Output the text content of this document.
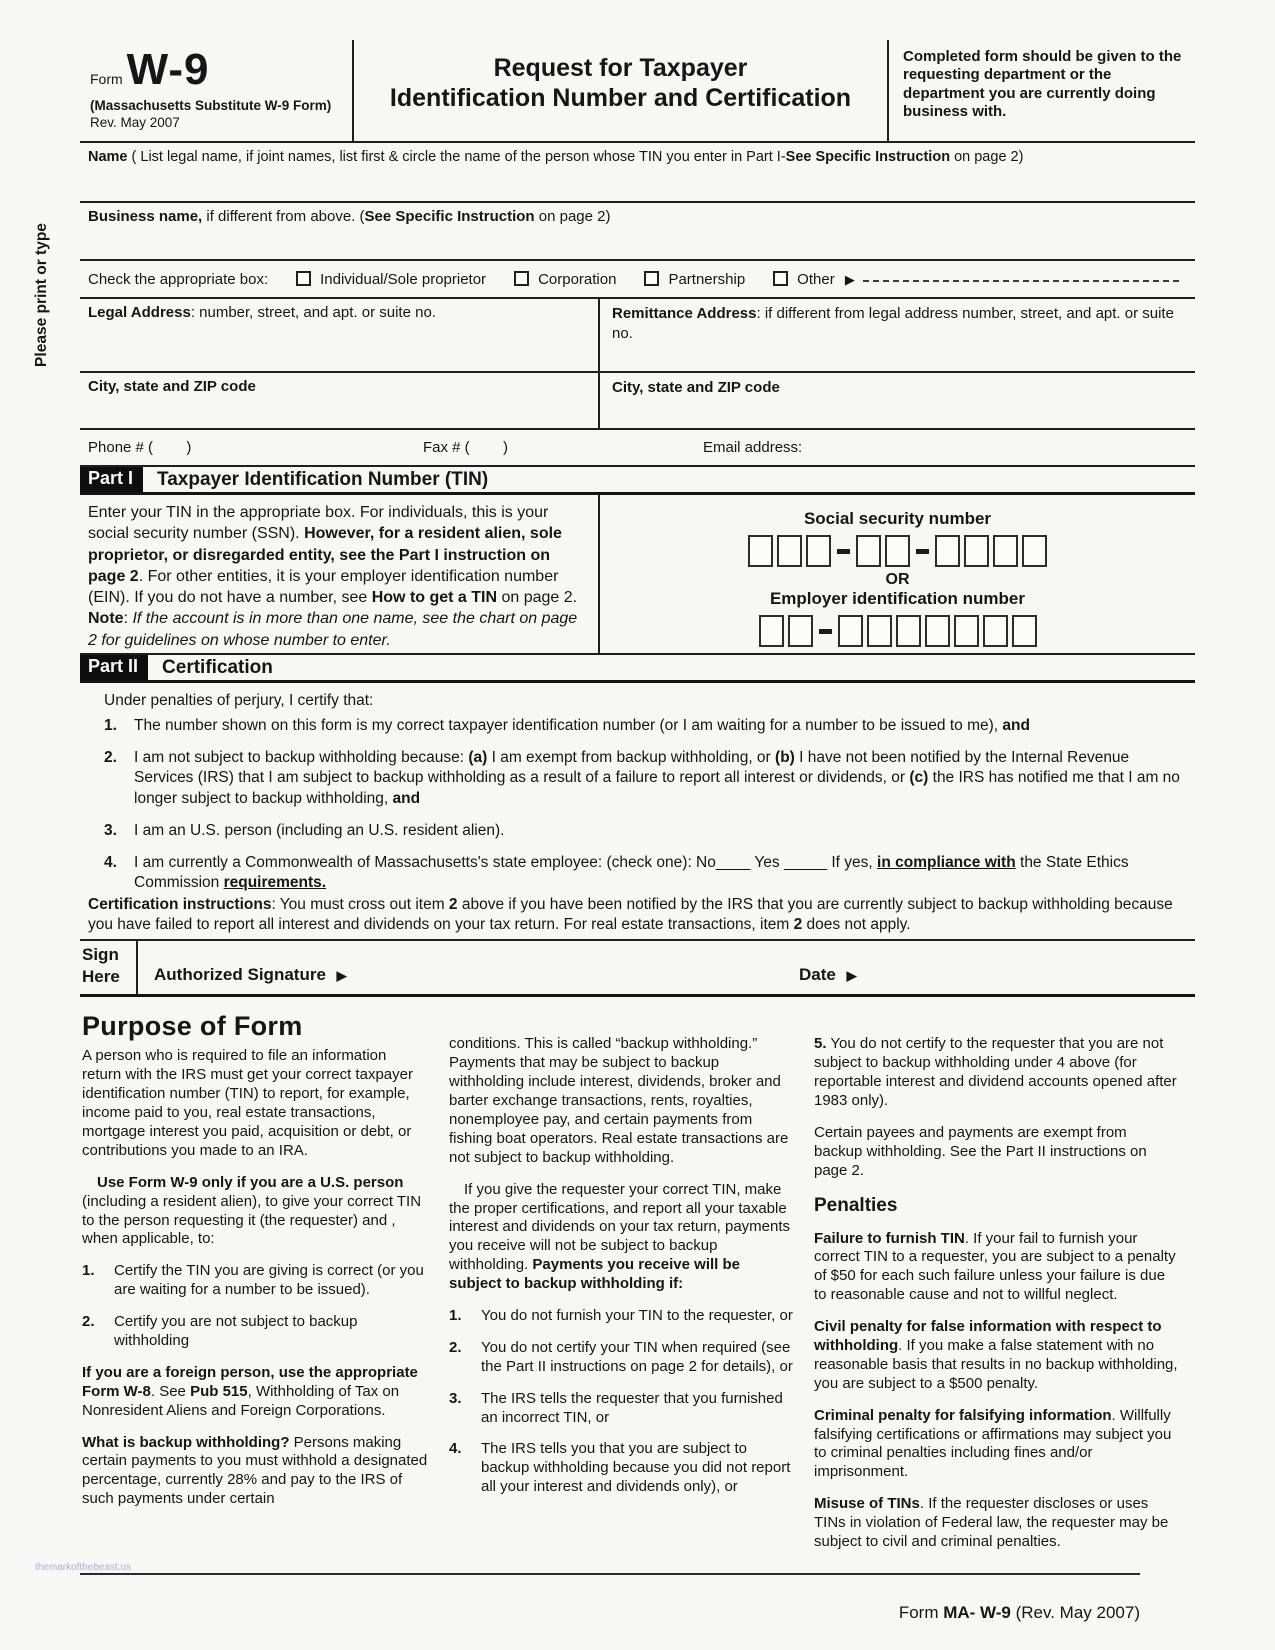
Please print or type
Form W-9
(Massachusetts Substitute W-9 Form)
Rev. May 2007
Request for Taxpayer
Identification Number and Certification
Completed form should be given to the requesting department or the department you are currently doing business with.
Name ( List legal name, if joint names, list first & circle the name of the person whose TIN you enter in Part I-See Specific Instruction on page 2)
Business name, if different from above. (See Specific Instruction on page 2)
Check the appropriate box:	Individual/Sole proprietor	Corporation	Partnership	Other ▶
Legal Address: number, street, and apt. or suite no.	Remittance Address: if different from legal address number, street, and apt. or suite no.
City, state and ZIP code	City, state and ZIP code
Phone # (        )	Fax # (        )	Email address:
Part I	Taxpayer Identification Number (TIN)
Enter your TIN in the appropriate box. For individuals, this is your social security number (SSN). However, for a resident alien, sole proprietor, or disregarded entity, see the Part I instruction on page 2. For other entities, it is your employer identification number (EIN). If you do not have a number, see How to get a TIN on page 2.
Note: If the account is in more than one name, see the chart on page 2 for guidelines on whose number to enter.
Social security number
OR
Employer identification number
Part II	Certification
Under penalties of perjury, I certify that:
1.	The number shown on this form is my correct taxpayer identification number (or I am waiting for a number to be issued to me), and
2.	I am not subject to backup withholding because: (a) I am exempt from backup withholding, or (b) I have not been notified by the Internal Revenue Services (IRS) that I am subject to backup withholding as a result of a failure to report all interest or dividends, or (c) the IRS has notified me that I am no longer subject to backup withholding, and
3.	I am an U.S. person (including an U.S. resident alien).
4.	I am currently a Commonwealth of Massachusetts's state employee: (check one): No____ Yes _____ If yes, in compliance with the State Ethics Commission requirements.
Certification instructions: You must cross out item 2 above if you have been notified by the IRS that you are currently subject to backup withholding because you have failed to report all interest and dividends on your tax return. For real estate transactions, item 2 does not apply.
Sign
Here	Authorized Signature ▶	Date ▶
Purpose of Form
A person who is required to file an information return with the IRS must get your correct taxpayer identification number (TIN) to report, for example, income paid to you, real estate transactions, mortgage interest you paid, acquisition or debt, or contributions you made to an IRA.
Use Form W-9 only if you are a U.S. person (including a resident alien), to give your correct TIN to the person requesting it (the requester) and , when applicable, to:
1.	Certify the TIN you are giving is correct (or you are waiting for a number to be issued).
2.	Certify you are not subject to backup withholding
If you are a foreign person, use the appropriate Form W-8. See Pub 515, Withholding of Tax on Nonresident Aliens and Foreign Corporations.
What is backup withholding? Persons making certain payments to you must withhold a designated percentage, currently 28% and pay to the IRS of such payments under certain
conditions. This is called “backup withholding.” Payments that may be subject to backup withholding include interest, dividends, broker and barter exchange transactions, rents, royalties, nonemployee pay, and certain payments from fishing boat operators. Real estate transactions are not subject to backup withholding.
If you give the requester your correct TIN, make the proper certifications, and report all your taxable interest and dividends on your tax return, payments you receive will not be subject to backup withholding. Payments you receive will be subject to backup withholding if:
1.	You do not furnish your TIN to the requester, or
2.	You do not certify your TIN when required (see the Part II instructions on page 2 for details), or
3.	The IRS tells the requester that you furnished an incorrect TIN, or
4.	The IRS tells you that you are subject to backup withholding because you did not report all your interest and dividends only), or
5. You do not certify to the requester that you are not subject to backup withholding under 4 above (for reportable interest and dividend accounts opened after 1983 only).
Certain payees and payments are exempt from backup withholding. See the Part II instructions on page 2.
Penalties
Failure to furnish TIN. If your fail to furnish your correct TIN to a requester, you are subject to a penalty of $50 for each such failure unless your failure is due to reasonable cause and not to willful neglect.
Civil penalty for false information with respect to withholding. If you make a false statement with no reasonable basis that results in no backup withholding, you are subject to a $500 penalty.
Criminal penalty for falsifying information. Willfully falsifying certifications or affirmations may subject you to criminal penalties including fines and/or imprisonment.
Misuse of TINs. If the requester discloses or uses TINs in violation of Federal law, the requester may be subject to civil and criminal penalties.
Form MA- W-9 (Rev. May 2007)
themarkofthebeast.us
